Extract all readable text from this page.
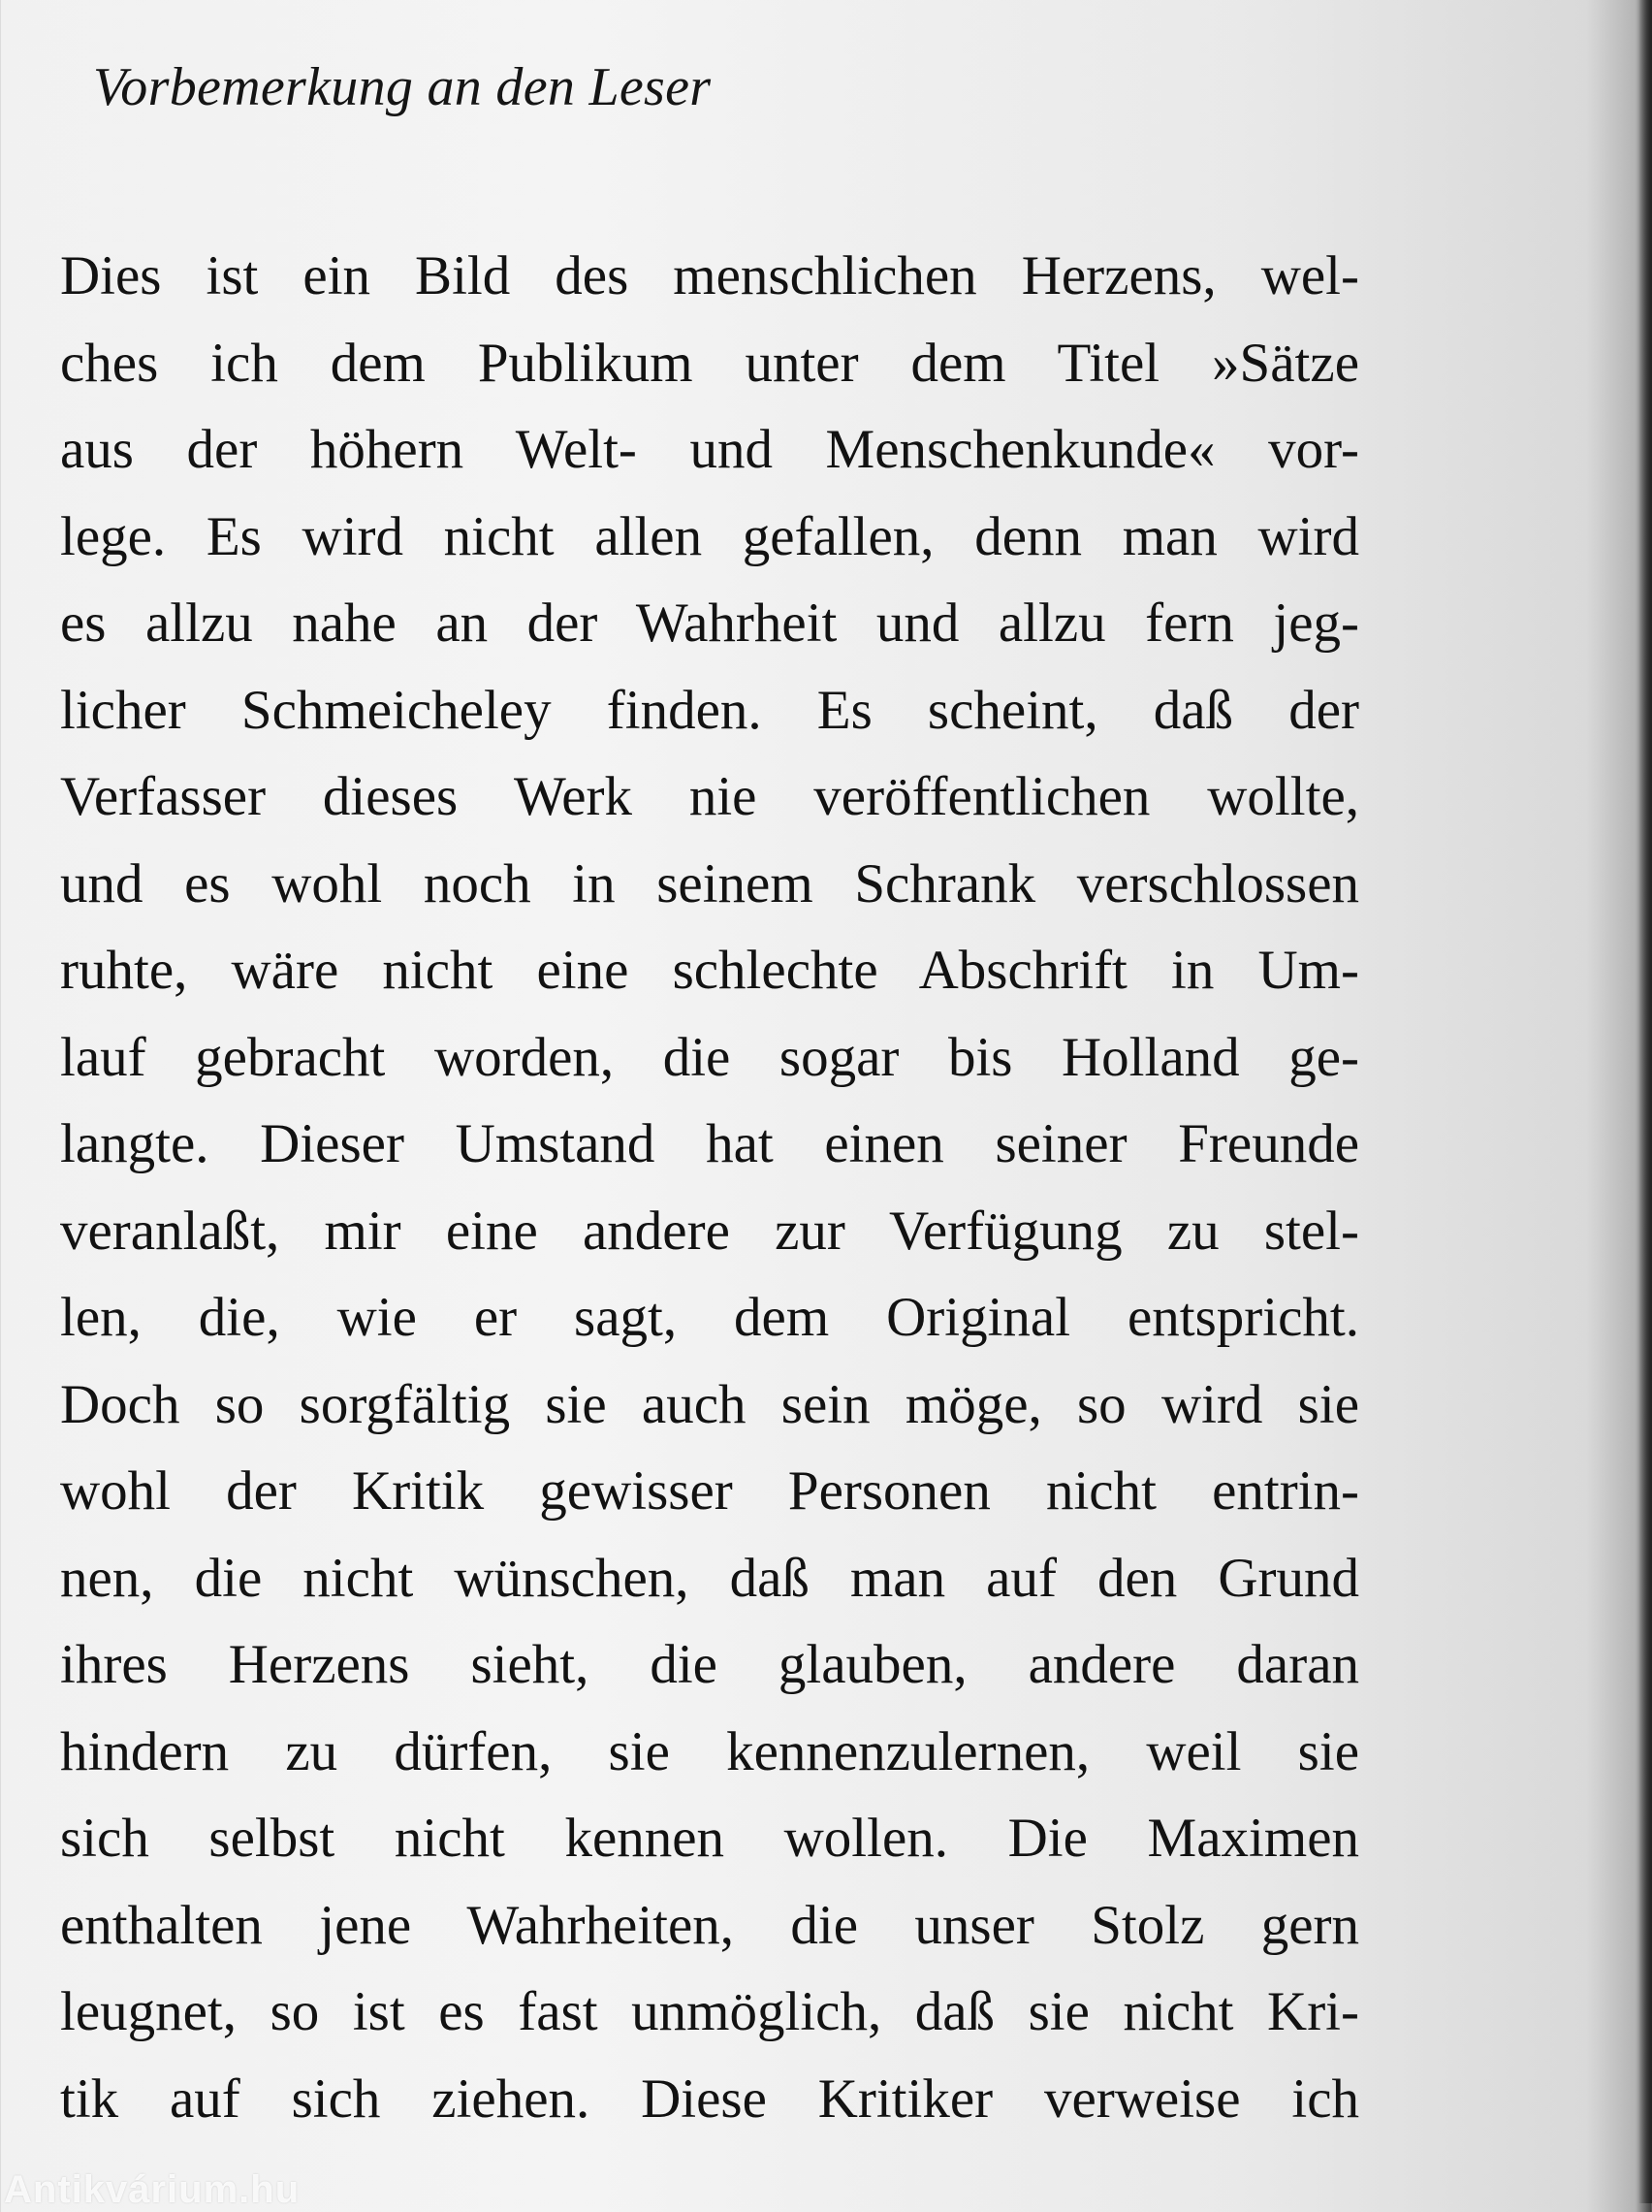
Vorbemerkung an den Leser
Dies ist ein Bild des menschlichen Herzens, wel-
ches ich dem Publikum unter dem Titel »Sätze
aus der höhern Welt- und Menschenkunde« vor-
lege. Es wird nicht allen gefallen, denn man wird
es allzu nahe an der Wahrheit und allzu fern jeg-
licher Schmeicheley finden. Es scheint, daß der
Verfasser dieses Werk nie veröffentlichen wollte,
und es wohl noch in seinem Schrank verschlossen
ruhte, wäre nicht eine schlechte Abschrift in Um-
lauf gebracht worden, die sogar bis Holland ge-
langte. Dieser Umstand hat einen seiner Freunde
veranlaßt, mir eine andere zur Verfügung zu stel-
len, die, wie er sagt, dem Original entspricht.
Doch so sorgfältig sie auch sein möge, so wird sie
wohl der Kritik gewisser Personen nicht entrin-
nen, die nicht wünschen, daß man auf den Grund
ihres Herzens sieht, die glauben, andere daran
hindern zu dürfen, sie kennenzulernen, weil sie
sich selbst nicht kennen wollen. Die Maximen
enthalten jene Wahrheiten, die unser Stolz gern
leugnet, so ist es fast unmöglich, daß sie nicht Kri-
tik auf sich ziehen. Diese Kritiker verweise ich
Antikvárium.hu
